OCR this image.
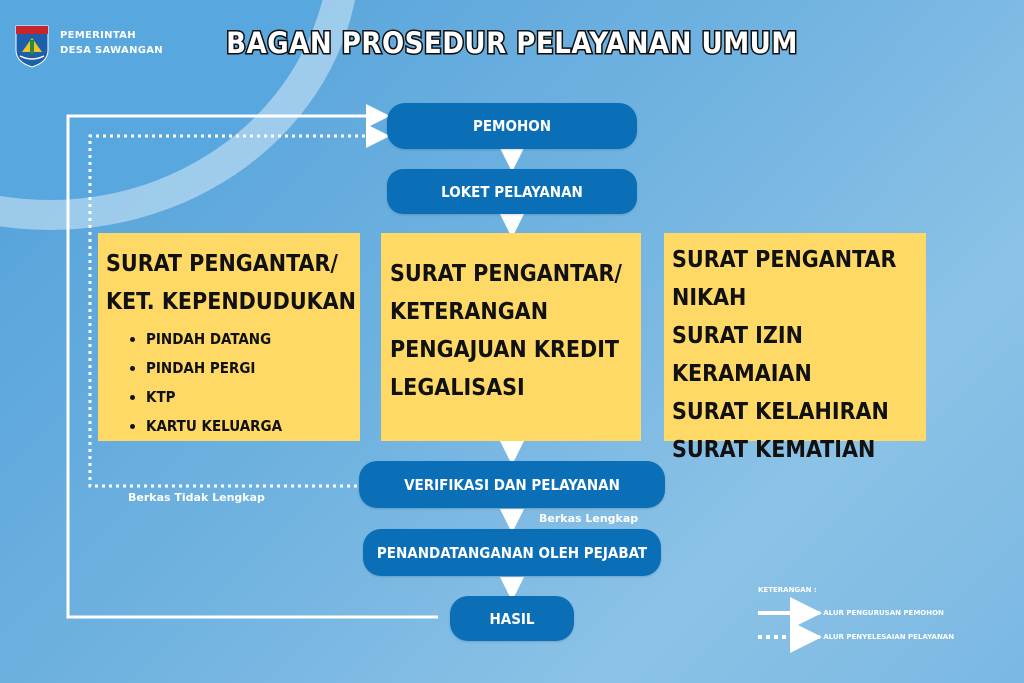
PEMERINTAH
DESA SAWANGAN	BAGAN PROSEDUR PELAYANAN UMUM
PEMOHON
LOKET PELAYANAN
VERIFIKASI DAN PELAYANAN
PENANDATANGANAN OLEH PEJABAT
HASIL
SURAT PENGANTAR/
KET. KEPENDUDUKAN
• PINDAH DATANG
• PINDAH PERGI
• KTP
• KARTU KELUARGA
SURAT PENGANTAR/
KETERANGAN
PENGAJUAN KREDIT
LEGALISASI
SURAT PENGANTAR
NIKAH
SURAT IZIN KERAMAIAN
SURAT KELAHIRAN
SURAT KEMATIAN
Berkas Tidak Lengkap
Berkas Lengkap
KETERANGAN :
: ALUR PENGURUSAN PEMOHON
: ALUR PENYELESAIAN PELAYANAN
